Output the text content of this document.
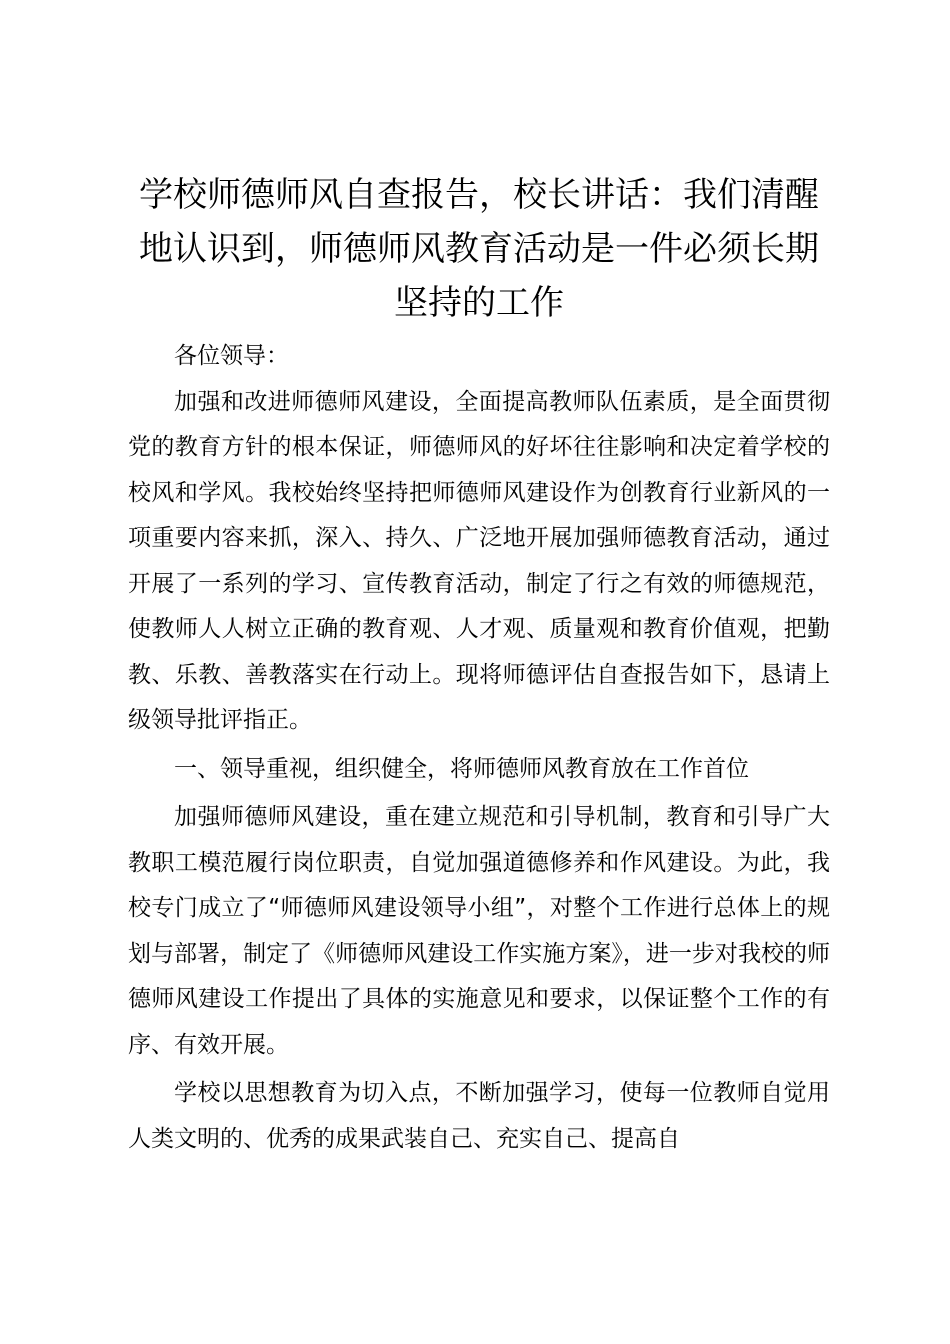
学校师德师风自查报告，校长讲话：我们清醒地认识到，师德师风教育活动是一件必须长期坚持的工作

各位领导：

加强和改进师德师风建设，全面提高教师队伍素质，是全面贯彻党的教育方针的根本保证，师德师风的好坏往往影响和决定着学校的校风和学风。我校始终坚持把师德师风建设作为创教育行业新风的一项重要内容来抓，深入、持久、广泛地开展加强师德教育活动，通过开展了一系列的学习、宣传教育活动，制定了行之有效的师德规范，使教师人人树立正确的教育观、人才观、质量观和教育价值观，把勤教、乐教、善教落实在行动上。现将师德评估自查报告如下，恳请上级领导批评指正。

一、领导重视，组织健全，将师德师风教育放在工作首位

加强师德师风建设，重在建立规范和引导机制，教育和引导广大教职工模范履行岗位职责，自觉加强道德修养和作风建设。为此，我校专门成立了“师德师风建设领导小组”，对整个工作进行总体上的规划与部署，制定了《师德师风建设工作实施方案》，进一步对我校的师德师风建设工作提出了具体的实施意见和要求，以保证整个工作的有序、有效开展。

学校以思想教育为切入点，不断加强学习，使每一位教师自觉用人类文明的、优秀的成果武装自己、充实自己、提高自
